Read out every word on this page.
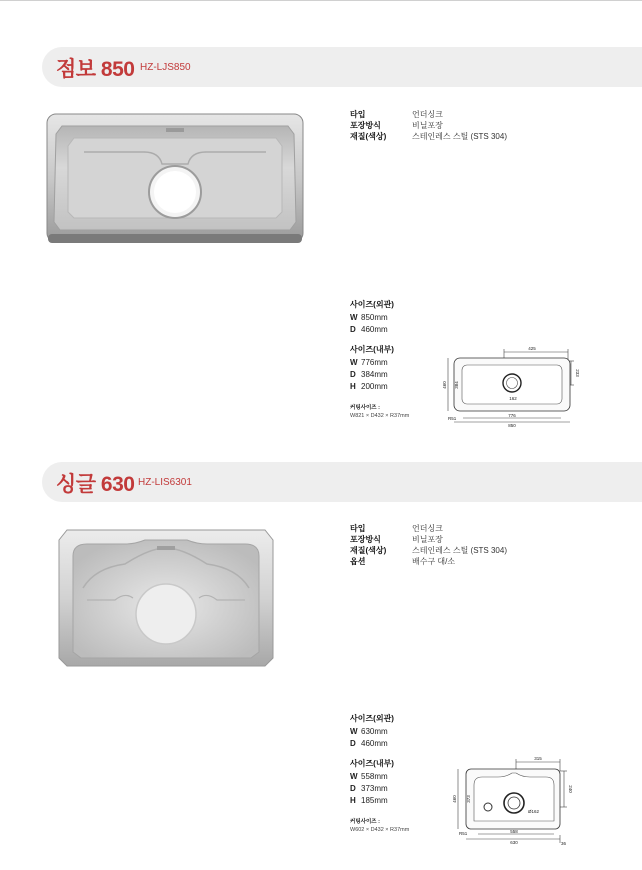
점보 850 HZ-LJS850
타입	언더싱크
포장방식	비닐포장
재질(색상)	스테인레스 스틸 (STS 304)
사이즈(외관)
W 850mm
D 460mm
사이즈(내부)
W 776mm
D 384mm
H 200mm
커팅사이즈 :
W821 × D432 × R37mm
425
233
460 384
162
R51
776
850
싱글 630 HZ-LIS6301
타입	언더싱크
포장방식	비닐포장
재질(색상)	스테인레스 스틸 (STS 304)
옵션	배수구 대/소
사이즈(외관)
W 630mm
D 460mm
사이즈(내부)
W 558mm
D 373mm
H 185mm
커팅사이즈 :
W602 × D432 × R37mm
315
240
460 373
Ø162
R51	558
630	36
